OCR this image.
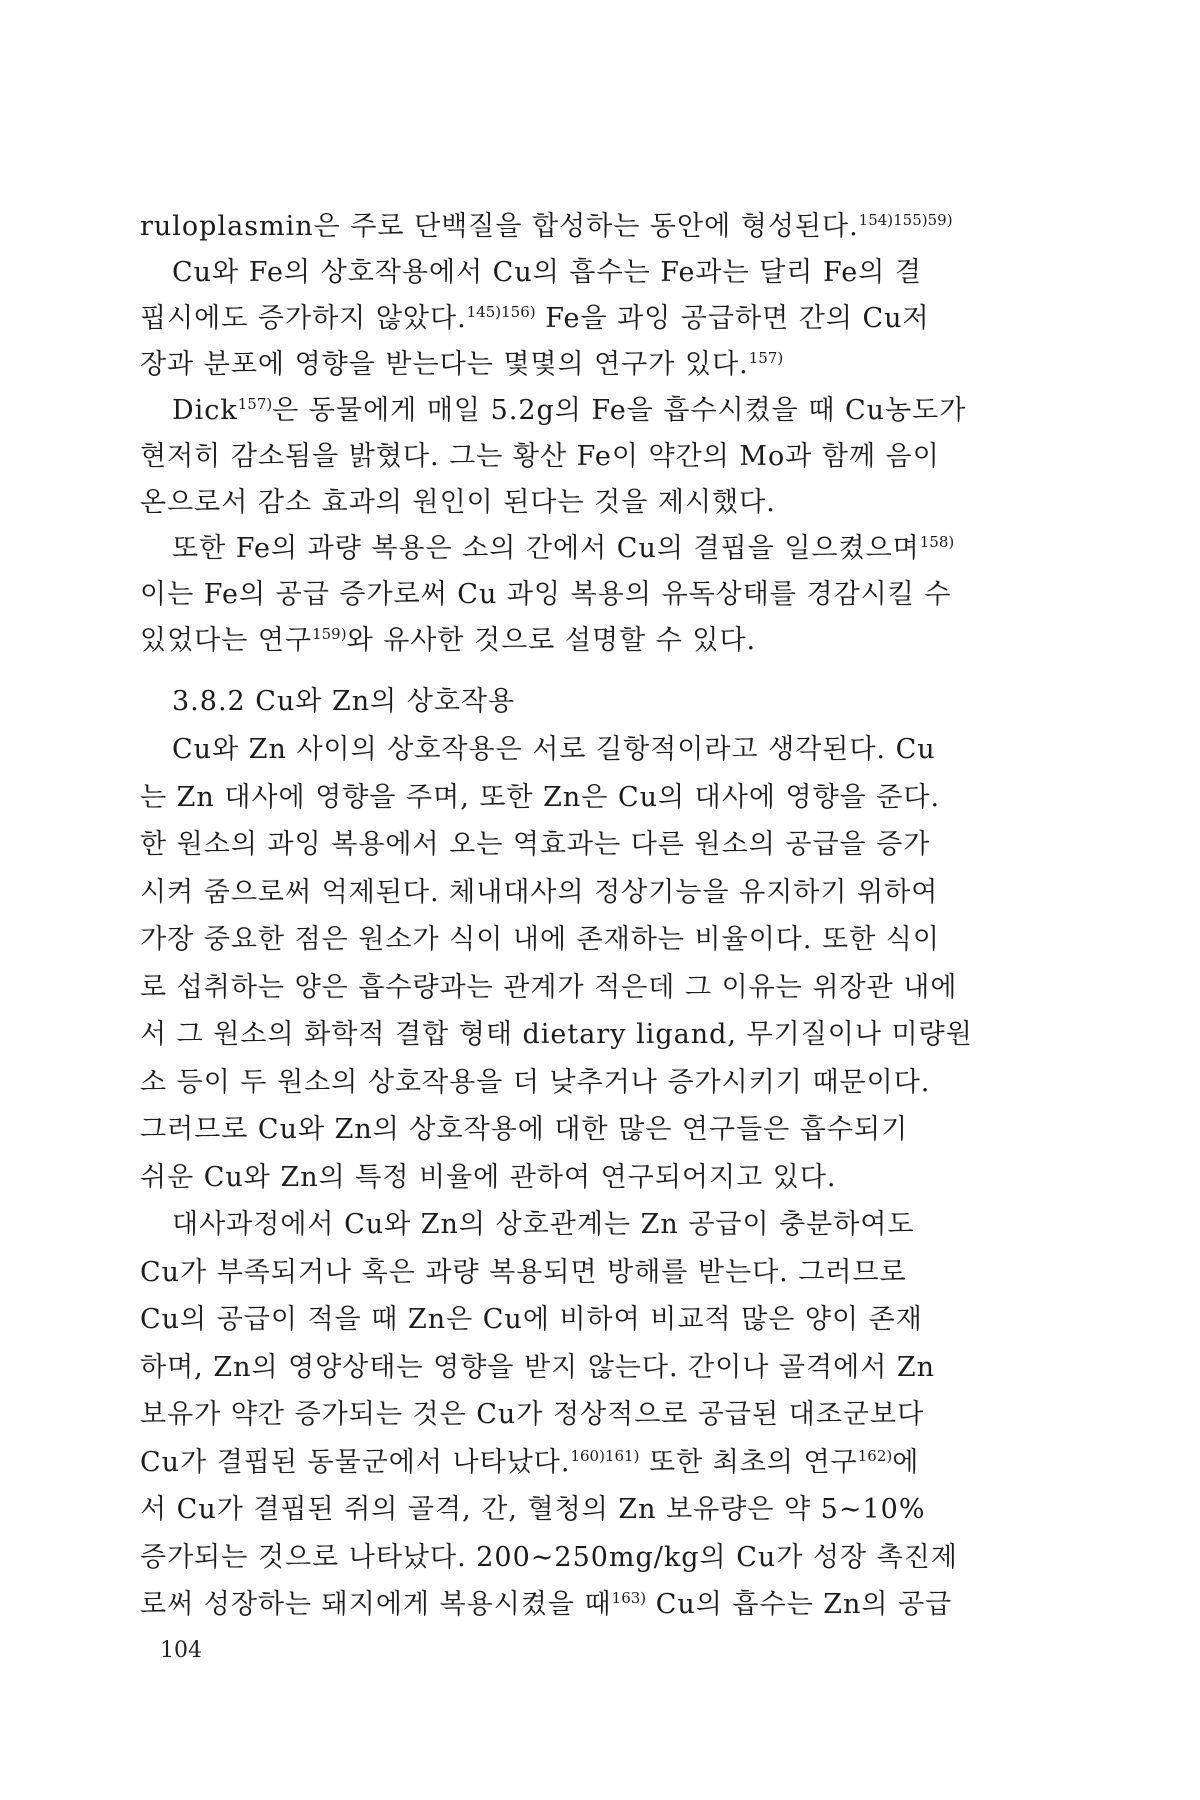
ruloplasmin은 주로 단백질을 합성하는 동안에 형성된다.$^{154)155)59)}$
Cu와 Fe의 상호작용에서 Cu의 흡수는 Fe과는 달리 Fe의 결
핍시에도 증가하지 않았다.$^{145)156)}$ Fe을 과잉 공급하면 간의 Cu저
장과 분포에 영향을 받는다는 몇몇의 연구가 있다.$^{157)}$
Dick$^{157)}$은 동물에게 매일 5.2g의 Fe을 흡수시켰을 때 Cu농도가
현저히 감소됨을 밝혔다. 그는 황산 Fe이 약간의 Mo과 함께 음이
온으로서 감소 효과의 원인이 된다는 것을 제시했다.
또한 Fe의 과량 복용은 소의 간에서 Cu의 결핍을 일으켰으며$^{158)}$
이는 Fe의 공급 증가로써 Cu 과잉 복용의 유독상태를 경감시킬 수
있었다는 연구$^{159)}$와 유사한 것으로 설명할 수 있다.
3.8.2 Cu와 Zn의 상호작용
Cu와 Zn 사이의 상호작용은 서로 길항적이라고 생각된다. Cu
는 Zn 대사에 영향을 주며, 또한 Zn은 Cu의 대사에 영향을 준다.
한 원소의 과잉 복용에서 오는 역효과는 다른 원소의 공급을 증가
시켜 줌으로써 억제된다. 체내대사의 정상기능을 유지하기 위하여
가장 중요한 점은 원소가 식이 내에 존재하는 비율이다. 또한 식이
로 섭취하는 양은 흡수량과는 관계가 적은데 그 이유는 위장관 내에
서 그 원소의 화학적 결합 형태 dietary ligand, 무기질이나 미량원
소 등이 두 원소의 상호작용을 더 낮추거나 증가시키기 때문이다.
그러므로 Cu와 Zn의 상호작용에 대한 많은 연구들은 흡수되기
쉬운 Cu와 Zn의 특정 비율에 관하여 연구되어지고 있다.
대사과정에서 Cu와 Zn의 상호관계는 Zn 공급이 충분하여도
Cu가 부족되거나 혹은 과량 복용되면 방해를 받는다. 그러므로
Cu의 공급이 적을 때 Zn은 Cu에 비하여 비교적 많은 양이 존재
하며, Zn의 영양상태는 영향을 받지 않는다. 간이나 골격에서 Zn
보유가 약간 증가되는 것은 Cu가 정상적으로 공급된 대조군보다
Cu가 결핍된 동물군에서 나타났다.$^{160)161)}$ 또한 최초의 연구$^{162)}$에
서 Cu가 결핍된 쥐의 골격, 간, 혈청의 Zn 보유량은 약 5∼10%
증가되는 것으로 나타났다. 200∼250mg/kg의 Cu가 성장 촉진제
로써 성장하는 돼지에게 복용시켰을 때$^{163)}$ Cu의 흡수는 Zn의 공급
104
